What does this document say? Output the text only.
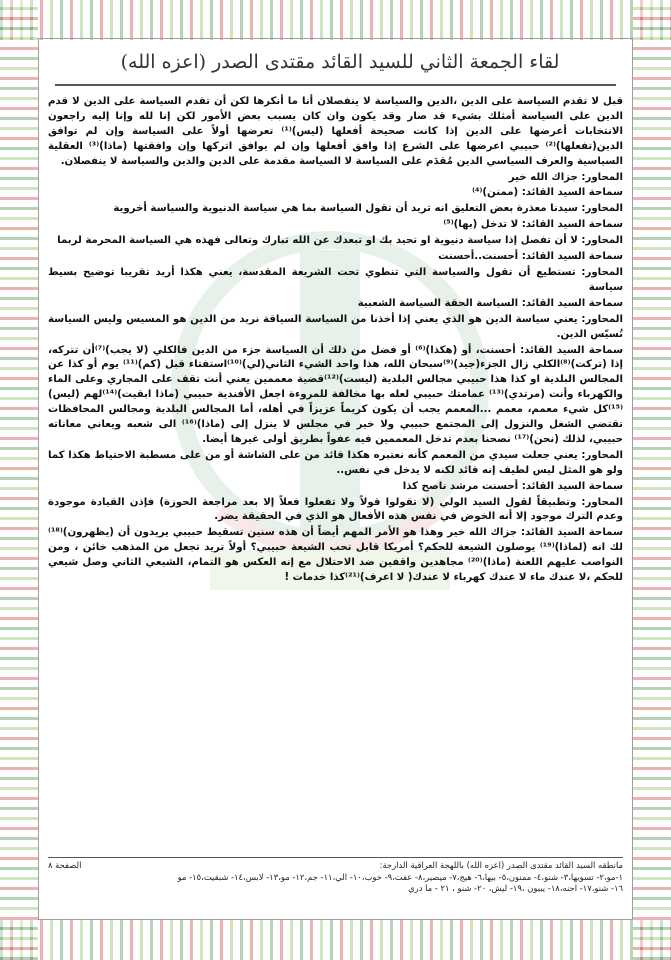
لقاء الجمعة الثاني للسيد القائد مقتدى الصدر (اعزه الله)

قبل لا تقدم السياسة على الدين ،الدين والسياسة لا ينفصلان أنا ما أنكرها لكن أن تقدم السياسة على الدين لا قدم الدين على السياسة أمثلك بشيء قد صار وقد يكون وان كان يسبب بعض الأمور لكن إنا لله وإنا إليه راجعون الانتخابات أعرضها على الدين إذا كانت صحيحة أفعلها (ليس)⁽¹⁾ تعرضها أولاً على السياسة وإن لم توافق الدين(تفعلها)⁽²⁾ حبيبي اعرضها على الشرع إذا وافق أفعلها وإن لم يوافق اتركها وإن وافقتها (ماذا)⁽³⁾ العقلية السياسية والعرف السياسي الدين مُقدَم على السياسة لا السياسة مقدمة على الدين والدين والسياسة لا ينفصلان.

المحاور: جزاك الله خير

سماحة السيد القائد: (ممنن)⁽⁴⁾

المحاور: سيدنا معذرة بعض التعليق انه تريد أن تقول السياسة بما هي سياسة الدنيوية والسياسة أخروية

سماحة السيد القائد: لا تدخل (بها)⁽⁵⁾

المحاور: لا أن تفصل إذا سياسة دنيوية او تحيد بك او تبعدك عن الله تبارك وتعالى فهذه هي السياسة المحرمة لربما

سماحة السيد القائد: أحسنت..أحسنت

المحاور: تستطيع أن تقول والسياسة التي تنطوي تحت الشريعة المقدسة، يعني هكذا أريد تقريبا توضيح بسيط سياسة

سماحة السيد القائد: السياسة الحقة السياسة الشعبية

المحاور: يعني سياسة الدين هو الذي يعني إذا أخذنا من السياسة السياقة نريد من الدين هو المسيس وليس السياسة تُسيّس الدين.

سماحة السيد القائد: أحسنت، أو (هكذا)⁽⁶⁾ أو فضل من ذلك أن السياسة جزء من الدين فالكلي (لا يجب)⁽⁷⁾أن تتركه، إذا (تركت)⁽⁸⁾الكلي زال الجزء(جيد)⁽⁹⁾سبحان الله، هذا واحد الشيء الثاني(لي)⁽¹⁰⁾استفتاء قبل (كم)⁽¹¹⁾ يوم أو كذا عن المجالس البلدية او كذا هذا حبيبي مجالس البلدية (ليست)⁽¹²⁾قضية معممين يعني أنت تقف على المجاري وعلى الماء والكهرباء وأنت (مرتدي)⁽¹³⁾ عمامتك حبيبي لعله بها مخالفة للمروءة اجعل الأفندية حبيبي (ماذا ابقيت)⁽¹⁴⁾لهم (ليس)⁽¹⁵⁾كل شيء معمم، معمم ...المعمم يجب أن يكون كريماً عزيزاً في أهله، أما المجالس البلدية ومجالس المحافظات تقتضي الشغل والنزول إلى المجتمع حبيبي ولا خير في مجلس لا ينزل إلى (ماذا)⁽¹⁶⁾ الى شعبه ويعاني معاناته حبيبي، لذلك (نحن)⁽¹⁷⁾ نصحنا بعدم تدخل المعممين فيه عفواً بطريق أولى غيرها أيضا.

المحاور: يعني جعلت سيدي من المعمم كأنه نعتبره هكذا قائد من على الشاشة أو من على مسطبة الاحتياط هكذا كما ولو هو المثل ليس لطيف إنه قائد لكنه لا يدخل في نفس..

سماحة السيد القائد: أحسنت مرشد ناصح كذا

المحاور: وتطبيقاً لقول السيد الولي (لا تقولوا قولاً ولا تفعلوا فعلاً إلا بعد مراجعة الحوزة) فإذن القيادة موجودة وعدم الترك موجود إلا أنه الخوض في نفس هذه الأفعال هو الذي في الحقيقة يضر.

سماحة السيد القائد: جزاك الله خير وهذا هو الأمر المهم أيضاً أن هذه سنين تسقيط حبيبي يريدون أن (يظهرون)⁽¹⁸⁾ لك انه (لماذا)⁽¹⁹⁾ يوصلون الشيعة للحكم؟ أمريكا قابل تحب الشيعة حبيبي؟ أولاً تريد تجعل من المذهب خائن ، ومن النواصب عليهم اللعنة (ماذا)⁽²⁰⁾ مجاهدين واقفين ضد الاحتلال مع إنه العكس هو التمام، الشيعي الثاني وصل شيعي للحكم ،لا عندك ماء لا عندك كهرباء لا عندك( لا اعرف)⁽²¹⁾كذا خدمات !

مانطقه السيد القائد مقتدى الصدر (اعزه الله) باللهجة العراقية الدارجة:
الصفحة ٨
١-مو،٢- تسويها،٣- شنو،٤- ممنون،٥- بيها،٦- هيج،٧- ميصير،٨- عفت،٩- خوب،١٠- الي،١١- جم،١٢- مو،١٣- لابس،١٤- شبقيت،١٥- مو
١٦- شنو،١٧- احنه،١٨- يبيون ،١٩- ليش، ٢٠- شنو ، ٢١ - ما دري
